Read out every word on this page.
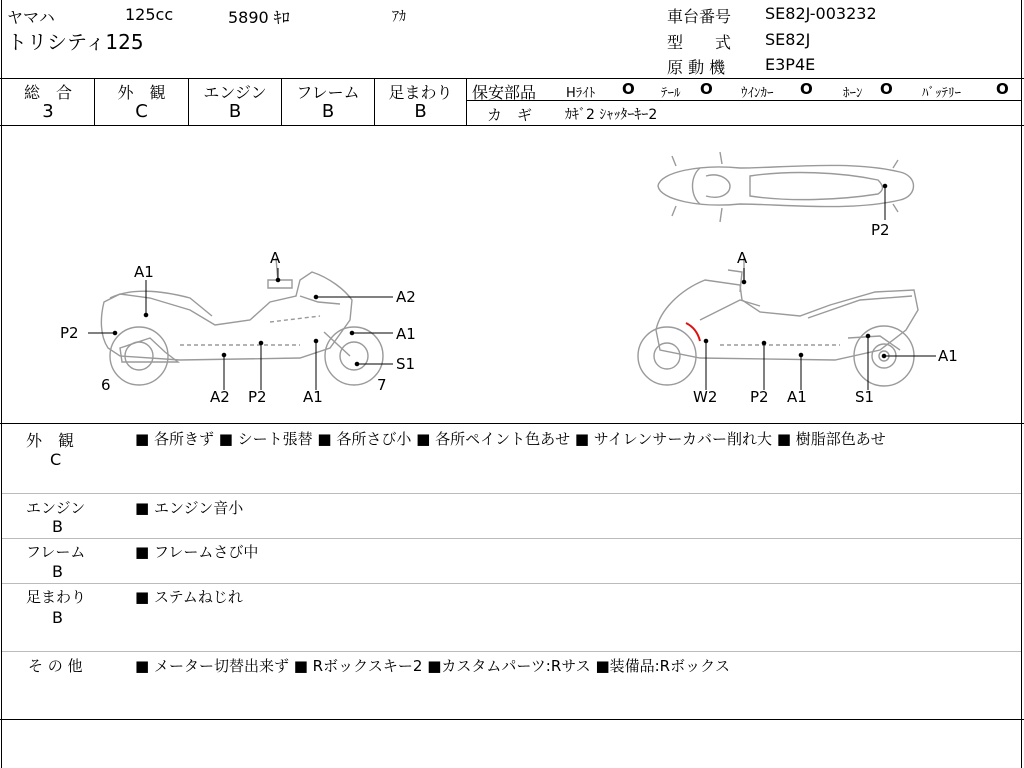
ヤマハ	125cc	5890 ｷﾛ	ｱｶ
トリシティ125
車台番号 SE82J-003232
型　　式 SE82J
原 動 機 E3P4E
総　合
3
外　観
C
エンジン
B
フレーム
B
足まわり
B
保安部品 Hﾗｲﾄ O ﾃｰﾙ O ｳｲﾝｶｰ O ﾎｰﾝ O ﾊﾞｯﾃﾘｰ O
カ　ギ ｶｷﾞ2 ｼｬｯﾀｰｷｰ2
A
A1
A2
P2	A1
S1
6	7
A2 P2 A1
P2
A
A1
W2 P2 A1	S1
外　観
C
■ 各所きず ■ シート張替 ■ 各所さび小 ■ 各所ペイント色あせ ■ サイレンサーカバー削れ大 ■ 樹脂部色あせ
エンジン
B
■ エンジン音小
フレーム
B
■ フレームさび中
足まわり
B
■ ステムねじれ
そ の 他	■ メーター切替出来ず ■ Rボックスキー2 ■カスタムパーツ:Rサス ■装備品:Rボックス
